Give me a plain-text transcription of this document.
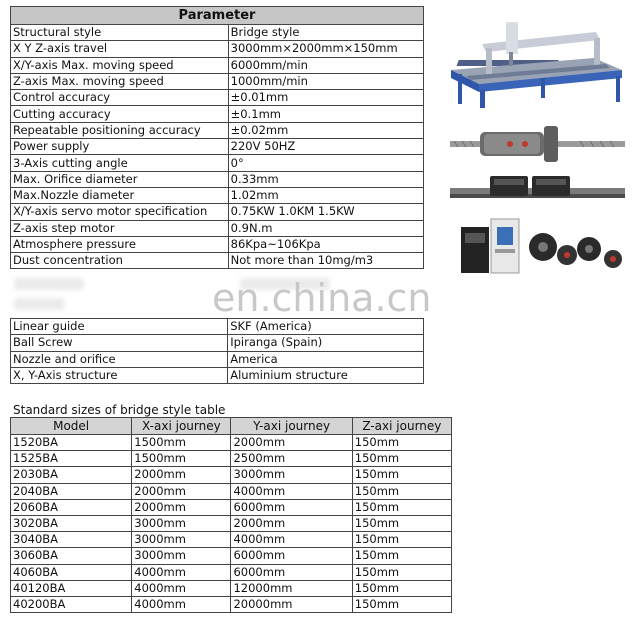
Parameter	
Structural style	Bridge style
X Y Z-axis travel	3000mm×2000mm×150mm
X/Y-axis Max. moving speed	6000mm/min
Z-axis Max. moving speed	1000mm/min
Control accuracy	±0.01mm
Cutting accuracy	±0.1mm
Repeatable positioning accuracy	±0.02mm
Power supply	220V 50HZ
3-Axis cutting angle	0°
Max. Orifice diameter	0.33mm
Max.Nozzle diameter	1.02mm
X/Y-axis servo motor specification	0.75KW 1.0KM 1.5KW
Z-axis step motor	0.9N.m
Atmosphere pressure	86Kpa~106Kpa
Dust concentration	Not more than 10mg/m3
en.china.cn
Linear guide	SKF (America)
Ball Screw	Ipiranga (Spain)
Nozzle and orifice	America
X, Y-Axis structure	Aluminium structure
Standard sizes of bridge style table
Model	X-axi journey	Y-axi journey	Z-axi journey
1520BA	1500mm	2000mm	150mm
1525BA	1500mm	2500mm	150mm
2030BA	2000mm	3000mm	150mm
2040BA	2000mm	4000mm	150mm
2060BA	2000mm	6000mm	150mm
3020BA	3000mm	2000mm	150mm
3040BA	3000mm	4000mm	150mm
3060BA	3000mm	6000mm	150mm
4060BA	4000mm	6000mm	150mm
40120BA	4000mm	12000mm	150mm
40200BA	4000mm	20000mm	150mm
